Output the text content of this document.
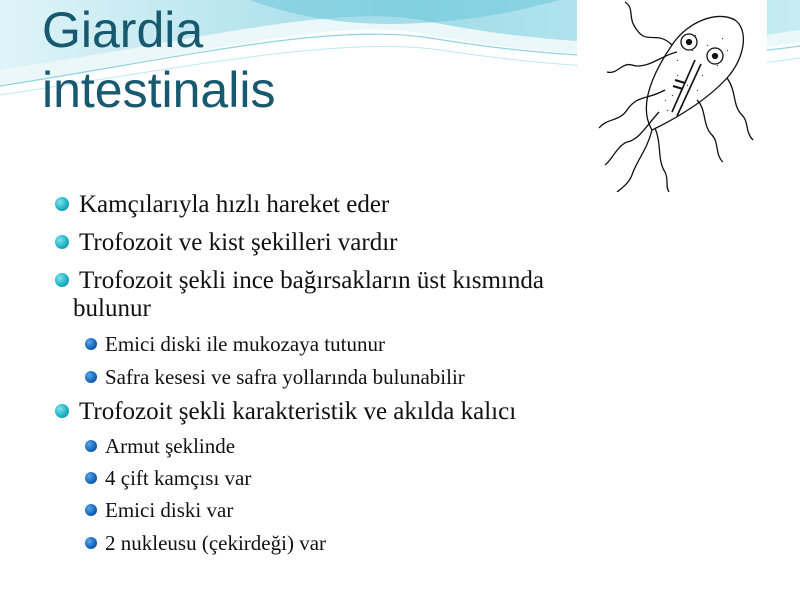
Giardia
intestinalis
Kamçılarıyla hızlı hareket eder
Trofozoit ve kist şekilleri vardır
Trofozoit şekli ince bağırsakların üst kısmında
bulunur
Emici diski ile mukozaya tutunur
Safra kesesi ve safra yollarında bulunabilir
Trofozoit şekli karakteristik ve akılda kalıcı
Armut şeklinde
4 çift kamçısı var
Emici diski var
2 nukleusu (çekirdeği) var
